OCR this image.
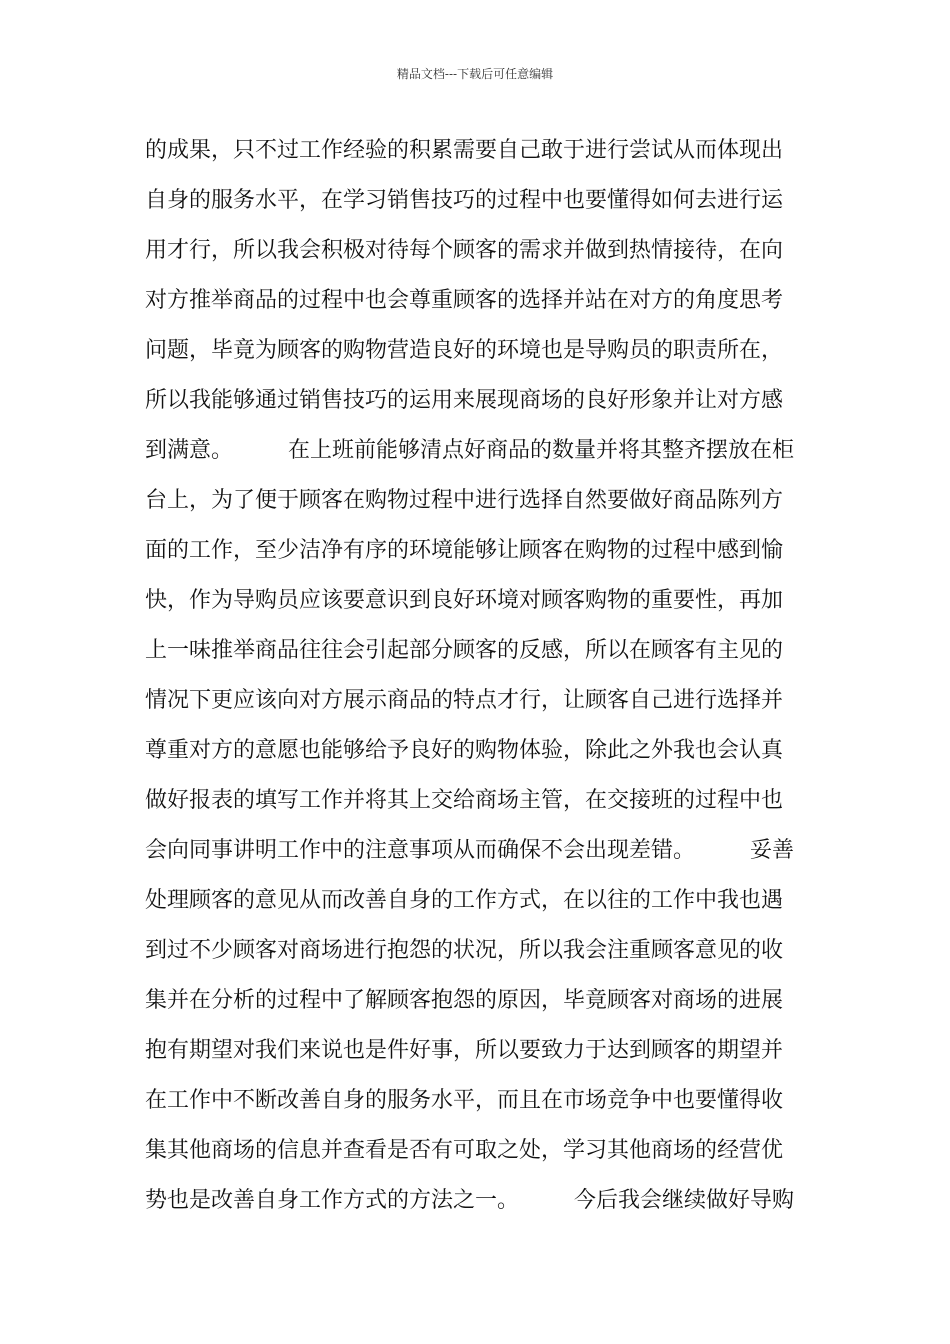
精品文档---下载后可任意编辑
的成果，只不过工作经验的积累需要自己敢于进行尝试从而体现出
自身的服务水平，在学习销售技巧的过程中也要懂得如何去进行运
用才行，所以我会积极对待每个顾客的需求并做到热情接待，在向
对方推举商品的过程中也会尊重顾客的选择并站在对方的角度思考
问题，毕竟为顾客的购物营造良好的环境也是导购员的职责所在，
所以我能够通过销售技巧的运用来展现商场的良好形象并让对方感
到满意。　　　在上班前能够清点好商品的数量并将其整齐摆放在柜
台上，为了便于顾客在购物过程中进行选择自然要做好商品陈列方
面的工作，至少洁净有序的环境能够让顾客在购物的过程中感到愉
快，作为导购员应该要意识到良好环境对顾客购物的重要性，再加
上一味推举商品往往会引起部分顾客的反感，所以在顾客有主见的
情况下更应该向对方展示商品的特点才行，让顾客自己进行选择并
尊重对方的意愿也能够给予良好的购物体验，除此之外我也会认真
做好报表的填写工作并将其上交给商场主管，在交接班的过程中也
会向同事讲明工作中的注意事项从而确保不会出现差错。　　　妥善
处理顾客的意见从而改善自身的工作方式，在以往的工作中我也遇
到过不少顾客对商场进行抱怨的状况，所以我会注重顾客意见的收
集并在分析的过程中了解顾客抱怨的原因，毕竟顾客对商场的进展
抱有期望对我们来说也是件好事，所以要致力于达到顾客的期望并
在工作中不断改善自身的服务水平，而且在市场竞争中也要懂得收
集其他商场的信息并查看是否有可取之处，学习其他商场的经营优
势也是改善自身工作方式的方法之一。　　　今后我会继续做好导购
